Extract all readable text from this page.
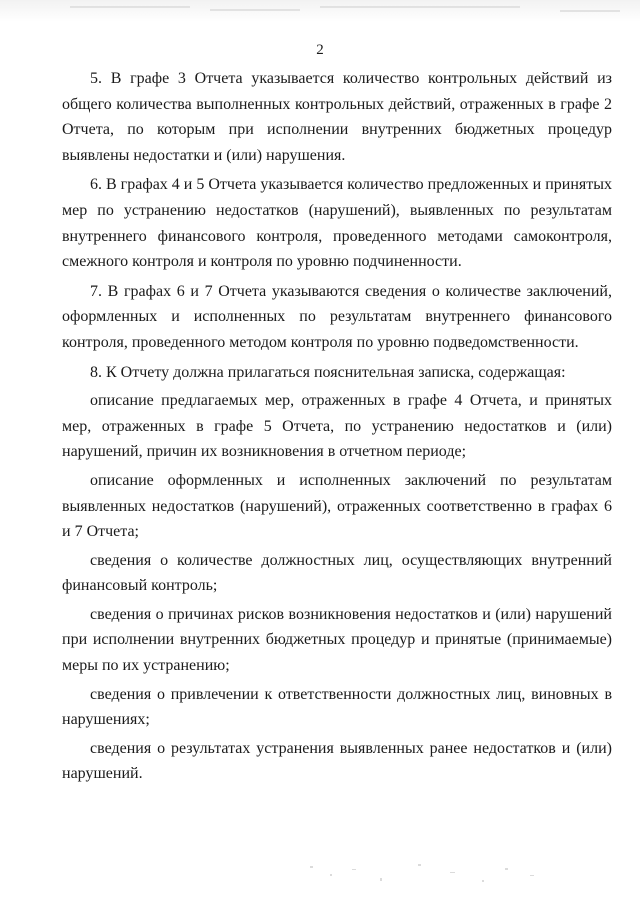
2

5. В графе 3 Отчета указывается количество контрольных действий из общего количества выполненных контрольных действий, отраженных в графе 2 Отчета, по которым при исполнении внутренних бюджетных процедур выявлены недостатки и (или) нарушения.

6. В графах 4 и 5 Отчета указывается количество предложенных и принятых мер по устранению недостатков (нарушений), выявленных по результатам внутреннего финансового контроля, проведенного методами самоконтроля, смежного контроля и контроля по уровню подчиненности.

7. В графах 6 и 7 Отчета указываются сведения о количестве заключений, оформленных и исполненных по результатам внутреннего финансового контроля, проведенного методом контроля по уровню подведомственности.

8. К Отчету должна прилагаться пояснительная записка, содержащая:

описание предлагаемых мер, отраженных в графе 4 Отчета, и принятых мер, отраженных в графе 5 Отчета, по устранению недостатков и (или) нарушений, причин их возникновения в отчетном периоде;

описание оформленных и исполненных заключений по результатам выявленных недостатков (нарушений), отраженных соответственно в графах 6 и 7 Отчета;

сведения о количестве должностных лиц, осуществляющих внутренний финансовый контроль;

сведения о причинах рисков возникновения недостатков и (или) нарушений при исполнении внутренних бюджетных процедур и принятые (принимаемые) меры по их устранению;

сведения о привлечении к ответственности должностных лиц, виновных в нарушениях;

сведения о результатах устранения выявленных ранее недостатков и (или) нарушений.
